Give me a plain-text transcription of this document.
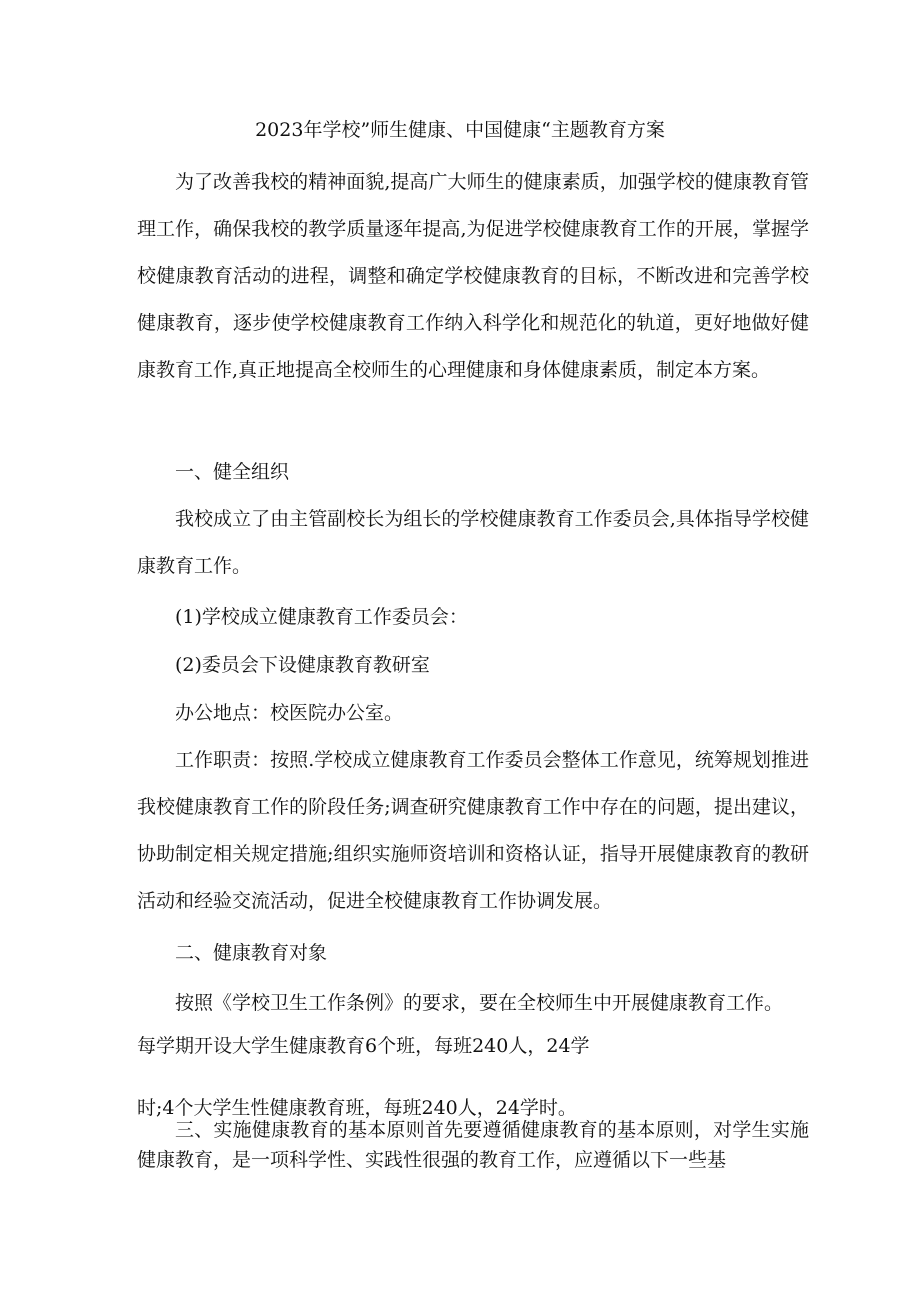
2023年学校”师生健康、中国健康“主题教育方案
为了改善我校的精神面貌,提高广大师生的健康素质，加强学校的健康教育管理工作，确保我校的教学质量逐年提高,为促进学校健康教育工作的开展，掌握学校健康教育活动的进程，调整和确定学校健康教育的目标，不断改进和完善学校健康教育，逐步使学校健康教育工作纳入科学化和规范化的轨道，更好地做好健康教育工作,真正地提高全校师生的心理健康和身体健康素质，制定本方案。
一、健全组织
我校成立了由主管副校长为组长的学校健康教育工作委员会,具体指导学校健康教育工作。
(1)学校成立健康教育工作委员会：
(2)委员会下设健康教育教研室
办公地点：校医院办公室。
工作职责：按照.学校成立健康教育工作委员会整体工作意见，统筹规划推进我校健康教育工作的阶段任务;调查研究健康教育工作中存在的问题，提出建议，协助制定相关规定措施;组织实施师资培训和资格认证，指导开展健康教育的教研活动和经验交流活动，促进全校健康教育工作协调发展。
二、健康教育对象
按照《学校卫生工作条例》的要求，要在全校师生中开展健康教育工作。
每学期开设大学生健康教育6个班，每班240人，24学
时;4个大学生性健康教育班，每班240人，24学时。
三、实施健康教育的基本原则首先要遵循健康教育的基本原则，对学生实施健康教育，是一项科学性、实践性很强的教育工作，应遵循以下一些基
